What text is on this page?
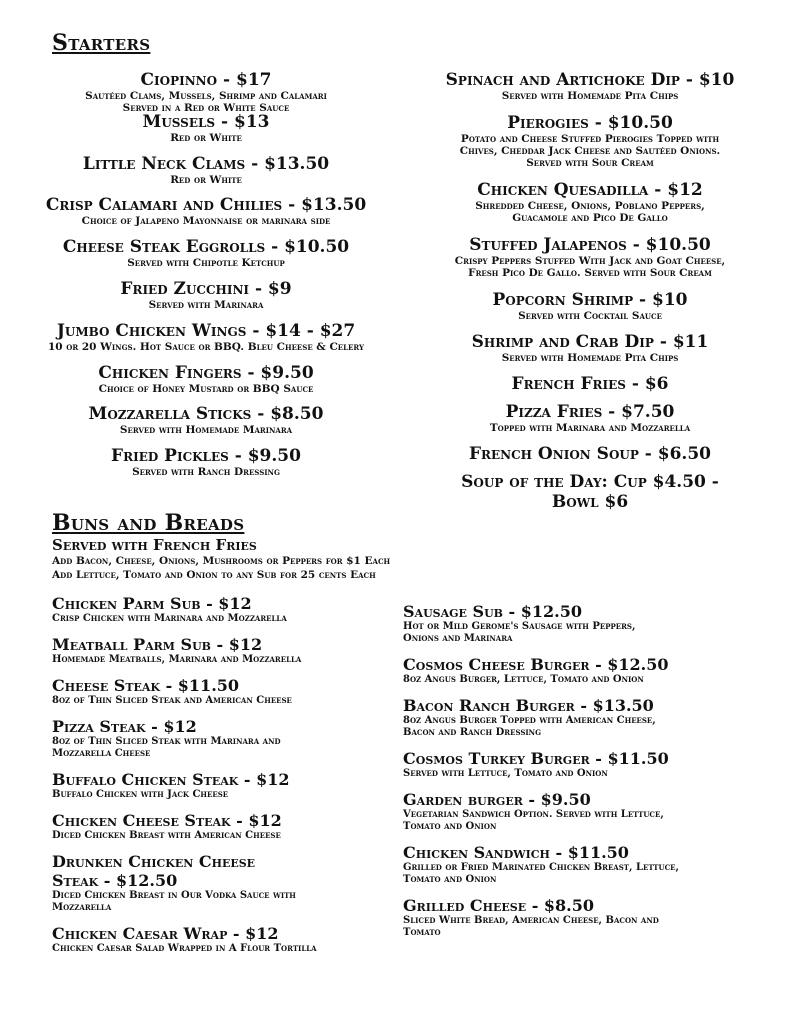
Starters
Ciopinno - $17
Sautéed Clams, Mussels, Shrimp and Calamari
Served in a Red or White Sauce
Mussels - $13
Red or White
Little Neck Clams - $13.50
Red or White
Crisp Calamari and Chilies - $13.50
Choice of Jalapeno Mayonnaise or marinara side
Cheese Steak Eggrolls - $10.50
Served with Chipotle Ketchup
Fried Zucchini - $9
Served with Marinara
Jumbo Chicken Wings - $14 - $27
10 or 20 Wings. Hot Sauce or BBQ. Bleu Cheese & Celery
Chicken Fingers - $9.50
Choice of Honey Mustard or BBQ Sauce
Mozzarella Sticks - $8.50
Served with Homemade Marinara
Fried Pickles - $9.50
Served with Ranch Dressing
Spinach and Artichoke Dip - $10
Served with Homemade Pita Chips
Pierogies - $10.50
Potato and Cheese Stuffed Pierogies Topped with
Chives, Cheddar Jack Cheese and Sautéed Onions.
Served with Sour Cream
Chicken Quesadilla - $12
Shredded Cheese, Onions, Poblano Peppers,
Guacamole and Pico De Gallo
Stuffed Jalapenos - $10.50
Crispy Peppers Stuffed With Jack and Goat Cheese,
Fresh Pico De Gallo. Served with Sour Cream
Popcorn Shrimp - $10
Served with Cocktail Sauce
Shrimp and Crab Dip - $11
Served with Homemade Pita Chips
French Fries - $6
Pizza Fries - $7.50
Topped with Marinara and Mozzarella
French Onion Soup - $6.50
Soup of the Day: Cup $4.50 -
Bowl $6
Buns and Breads
Served with French Fries
Add Bacon, Cheese, Onions, Mushrooms or Peppers for $1 Each
Add Lettuce, Tomato and Onion to any Sub for 25 cents Each
Chicken Parm Sub - $12
Crisp Chicken with Marinara and Mozzarella
Meatball Parm Sub - $12
Homemade Meatballs, Marinara and Mozzarella
Cheese Steak - $11.50
8oz of Thin Sliced Steak and American Cheese
Pizza Steak - $12
8oz of Thin Sliced Steak with Marinara and
Mozzarella Cheese
Buffalo Chicken Steak - $12
Buffalo Chicken with Jack Cheese
Chicken Cheese Steak - $12
Diced Chicken Breast with American Cheese
Drunken Chicken Cheese
Steak - $12.50
Diced Chicken Breast in Our Vodka Sauce with
Mozzarella
Chicken Caesar Wrap - $12
Chicken Caesar Salad Wrapped in A Flour Tortilla
Sausage Sub - $12.50
Hot or Mild Gerome's Sausage with Peppers,
Onions and Marinara
Cosmos Cheese Burger - $12.50
8oz Angus Burger, Lettuce, Tomato and Onion
Bacon Ranch Burger - $13.50
8oz Angus Burger Topped with American Cheese,
Bacon and Ranch Dressing
Cosmos Turkey Burger - $11.50
Served with Lettuce, Tomato and Onion
Garden burger - $9.50
Vegetarian Sandwich Option. Served with Lettuce,
Tomato and Onion
Chicken Sandwich - $11.50
Grilled or Fried Marinated Chicken Breast, Lettuce,
Tomato and Onion
Grilled Cheese - $8.50
Sliced White Bread, American Cheese, Bacon and
Tomato
